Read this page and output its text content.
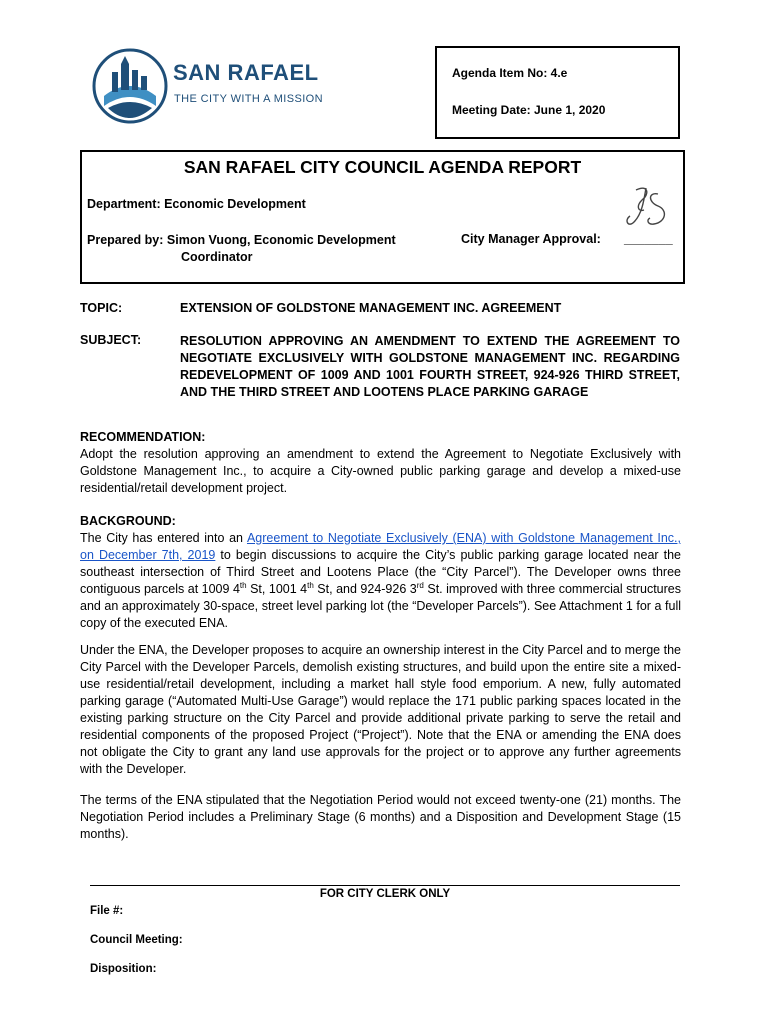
SAN RAFAEL
THE CITY WITH A MISSION
Agenda Item No: 4.e
Meeting Date: June 1, 2020
SAN RAFAEL CITY COUNCIL AGENDA REPORT
Department: Economic Development
Prepared by: Simon Vuong, Economic Development
Coordinator
City Manager Approval: _______
TOPIC:	EXTENSION OF GOLDSTONE MANAGEMENT INC. AGREEMENT
SUBJECT:	RESOLUTION APPROVING AN AMENDMENT TO EXTEND THE AGREEMENT TO NEGOTIATE EXCLUSIVELY WITH GOLDSTONE MANAGEMENT INC. REGARDING REDEVELOPMENT OF 1009 AND 1001 FOURTH STREET, 924-926 THIRD STREET, AND THE THIRD STREET AND LOOTENS PLACE PARKING GARAGE
RECOMMENDATION:
Adopt the resolution approving an amendment to extend the Agreement to Negotiate Exclusively with Goldstone Management Inc., to acquire a City-owned public parking garage and develop a mixed-use residential/retail development project.
BACKGROUND:
The City has entered into an Agreement to Negotiate Exclusively (ENA) with Goldstone Management Inc., on December 7th, 2019 to begin discussions to acquire the City’s public parking garage located near the southeast intersection of Third Street and Lootens Place (the “City Parcel”). The Developer owns three contiguous parcels at 1009 4th St, 1001 4th St, and 924-926 3rd St. improved with three commercial structures and an approximately 30-space, street level parking lot (the “Developer Parcels”). See Attachment 1 for a full copy of the executed ENA.
Under the ENA, the Developer proposes to acquire an ownership interest in the City Parcel and to merge the City Parcel with the Developer Parcels, demolish existing structures, and build upon the entire site a mixed-use residential/retail development, including a market hall style food emporium. A new, fully automated parking garage (“Automated Multi-Use Garage”) would replace the 171 public parking spaces located in the existing parking structure on the City Parcel and provide additional private parking to serve the retail and residential components of the proposed Project (“Project”). Note that the ENA or amending the ENA does not obligate the City to grant any land use approvals for the project or to approve any further agreements with the Developer.
The terms of the ENA stipulated that the Negotiation Period would not exceed twenty-one (21) months. The Negotiation Period includes a Preliminary Stage (6 months) and a Disposition and Development Stage (15 months).
FOR CITY CLERK ONLY
File #:
Council Meeting:
Disposition:
